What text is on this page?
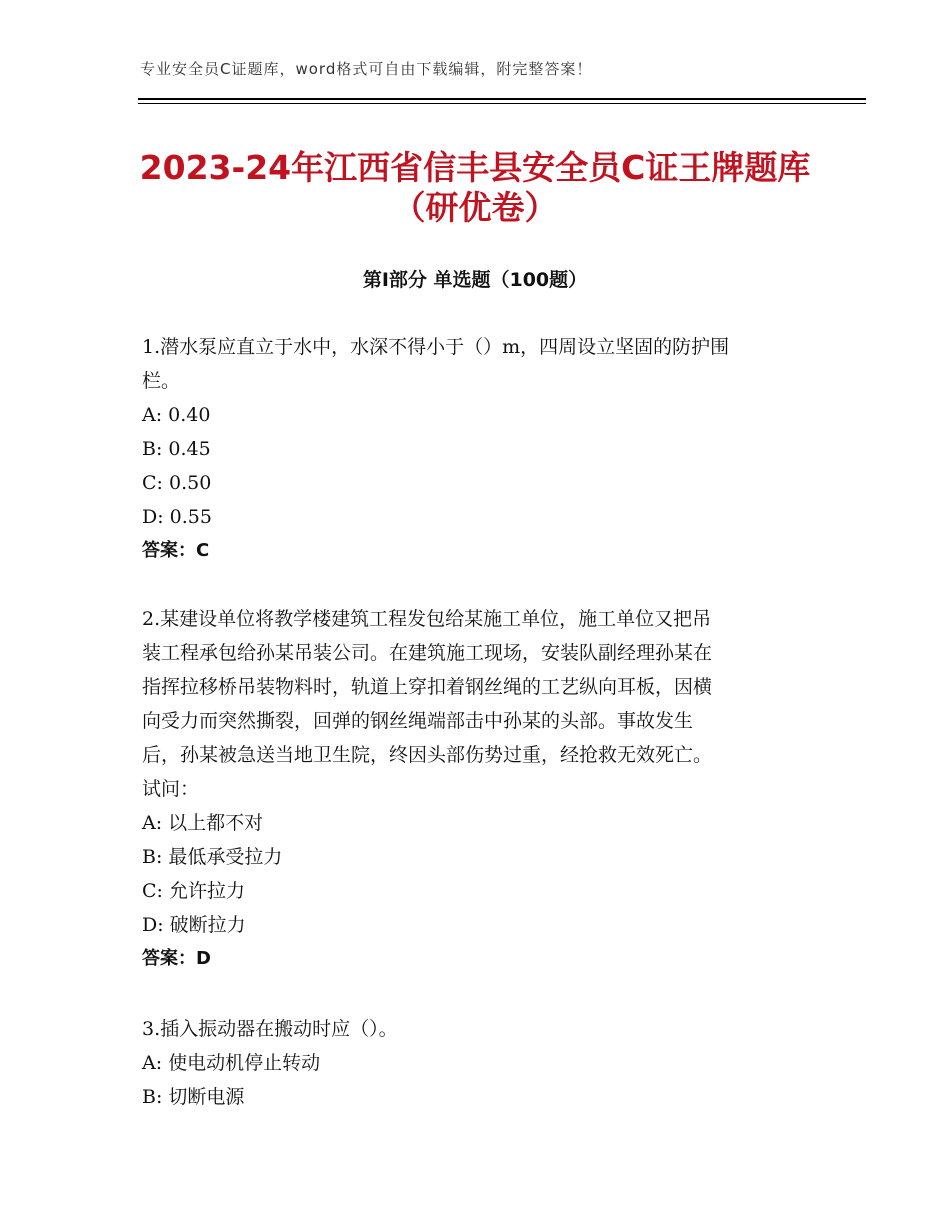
专业安全员C证题库，word格式可自由下载编辑，附完整答案！
2023-24年江西省信丰县安全员C证王牌题库
（研优卷）
第I部分 单选题（100题）
1.潜水泵应直立于水中，水深不得小于（）m，四周设立坚固的防护围
栏。
A: 0.40
B: 0.45
C: 0.50
D: 0.55
答案：C
2.某建设单位将教学楼建筑工程发包给某施工单位，施工单位又把吊
装工程承包给孙某吊装公司。在建筑施工现场，安装队副经理孙某在
指挥拉移桥吊装物料时，轨道上穿扣着钢丝绳的工艺纵向耳板，因横
向受力而突然撕裂，回弹的钢丝绳端部击中孙某的头部。事故发生
后，孙某被急送当地卫生院，终因头部伤势过重，经抢救无效死亡。
试问：
A: 以上都不对
B: 最低承受拉力
C: 允许拉力
D: 破断拉力
答案：D
3.插入振动器在搬动时应（）。
A: 使电动机停止转动
B: 切断电源
